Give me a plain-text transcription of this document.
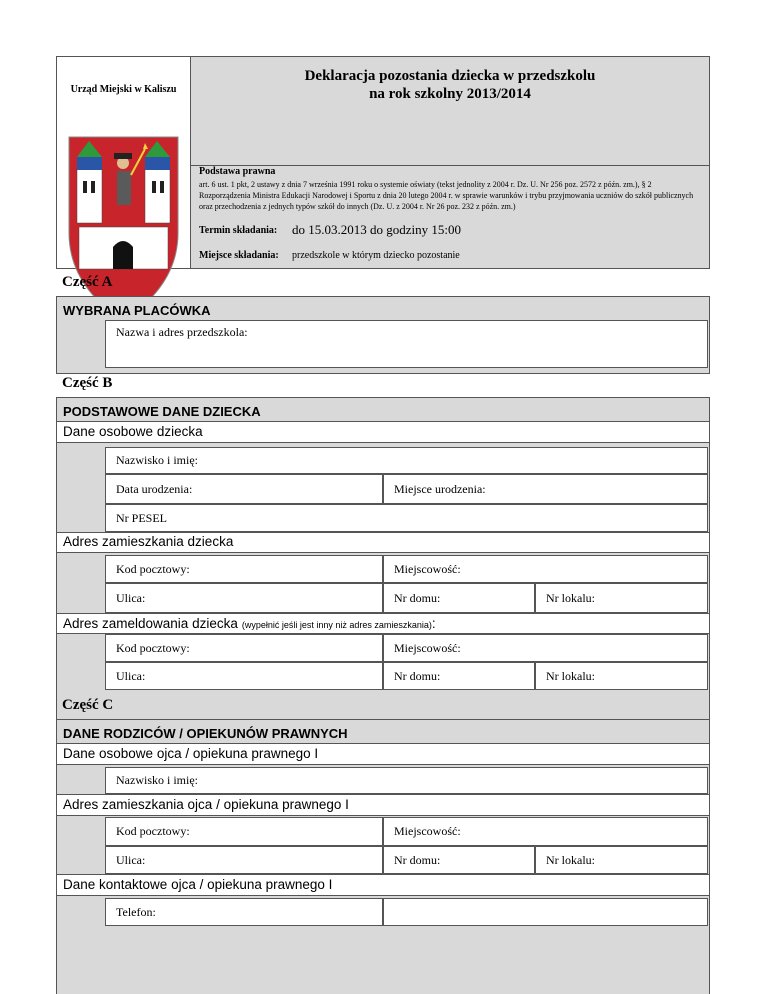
Urząd Miejski w Kaliszu
Deklaracja pozostania dziecka w przedszkolu
na rok szkolny 2013/2014
Podstawa prawna
art. 6 ust. 1 pkt, 2 ustawy z dnia 7 września 1991 roku o systemie oświaty (tekst jednolity z 2004 r. Dz. U. Nr 256 poz. 2572 z późn. zm.), § 2 Rozporządzenia Ministra Edukacji Narodowej i Sportu z dnia 20 lutego 2004 r. w sprawie warunków i trybu przyjmowania uczniów do szkół publicznych oraz przechodzenia z jednych typów szkół do innych (Dz. U. z 2004 r. Nr 26 poz. 232 z późn. zm.)
Termin składania: do 15.03.2013 do godziny 15:00
Miejsce składania: przedszkole w którym dziecko pozostanie
Część A
WYBRANA PLACÓWKA
Nazwa i adres przedszkola:
Część B
PODSTAWOWE DANE DZIECKA
Dane osobowe dziecka
Nazwisko i imię:
Data urodzenia:	Miejsce urodzenia:
Nr PESEL
Adres zamieszkania dziecka
Kod pocztowy:	Miejscowość:
Ulica:	Nr domu:	Nr lokalu:
Adres zameldowania dziecka (wypełnić jeśli jest inny niż adres zamieszkania):
Kod pocztowy:	Miejscowość:
Ulica:	Nr domu:	Nr lokalu:
Część C
DANE RODZICÓW / OPIEKUNÓW PRAWNYCH
Dane osobowe ojca / opiekuna prawnego I
Nazwisko i imię:
Adres zamieszkania ojca / opiekuna prawnego I
Kod pocztowy:	Miejscowość:
Ulica:	Nr domu:	Nr lokalu:
Dane kontaktowe ojca / opiekuna prawnego I
Telefon:
